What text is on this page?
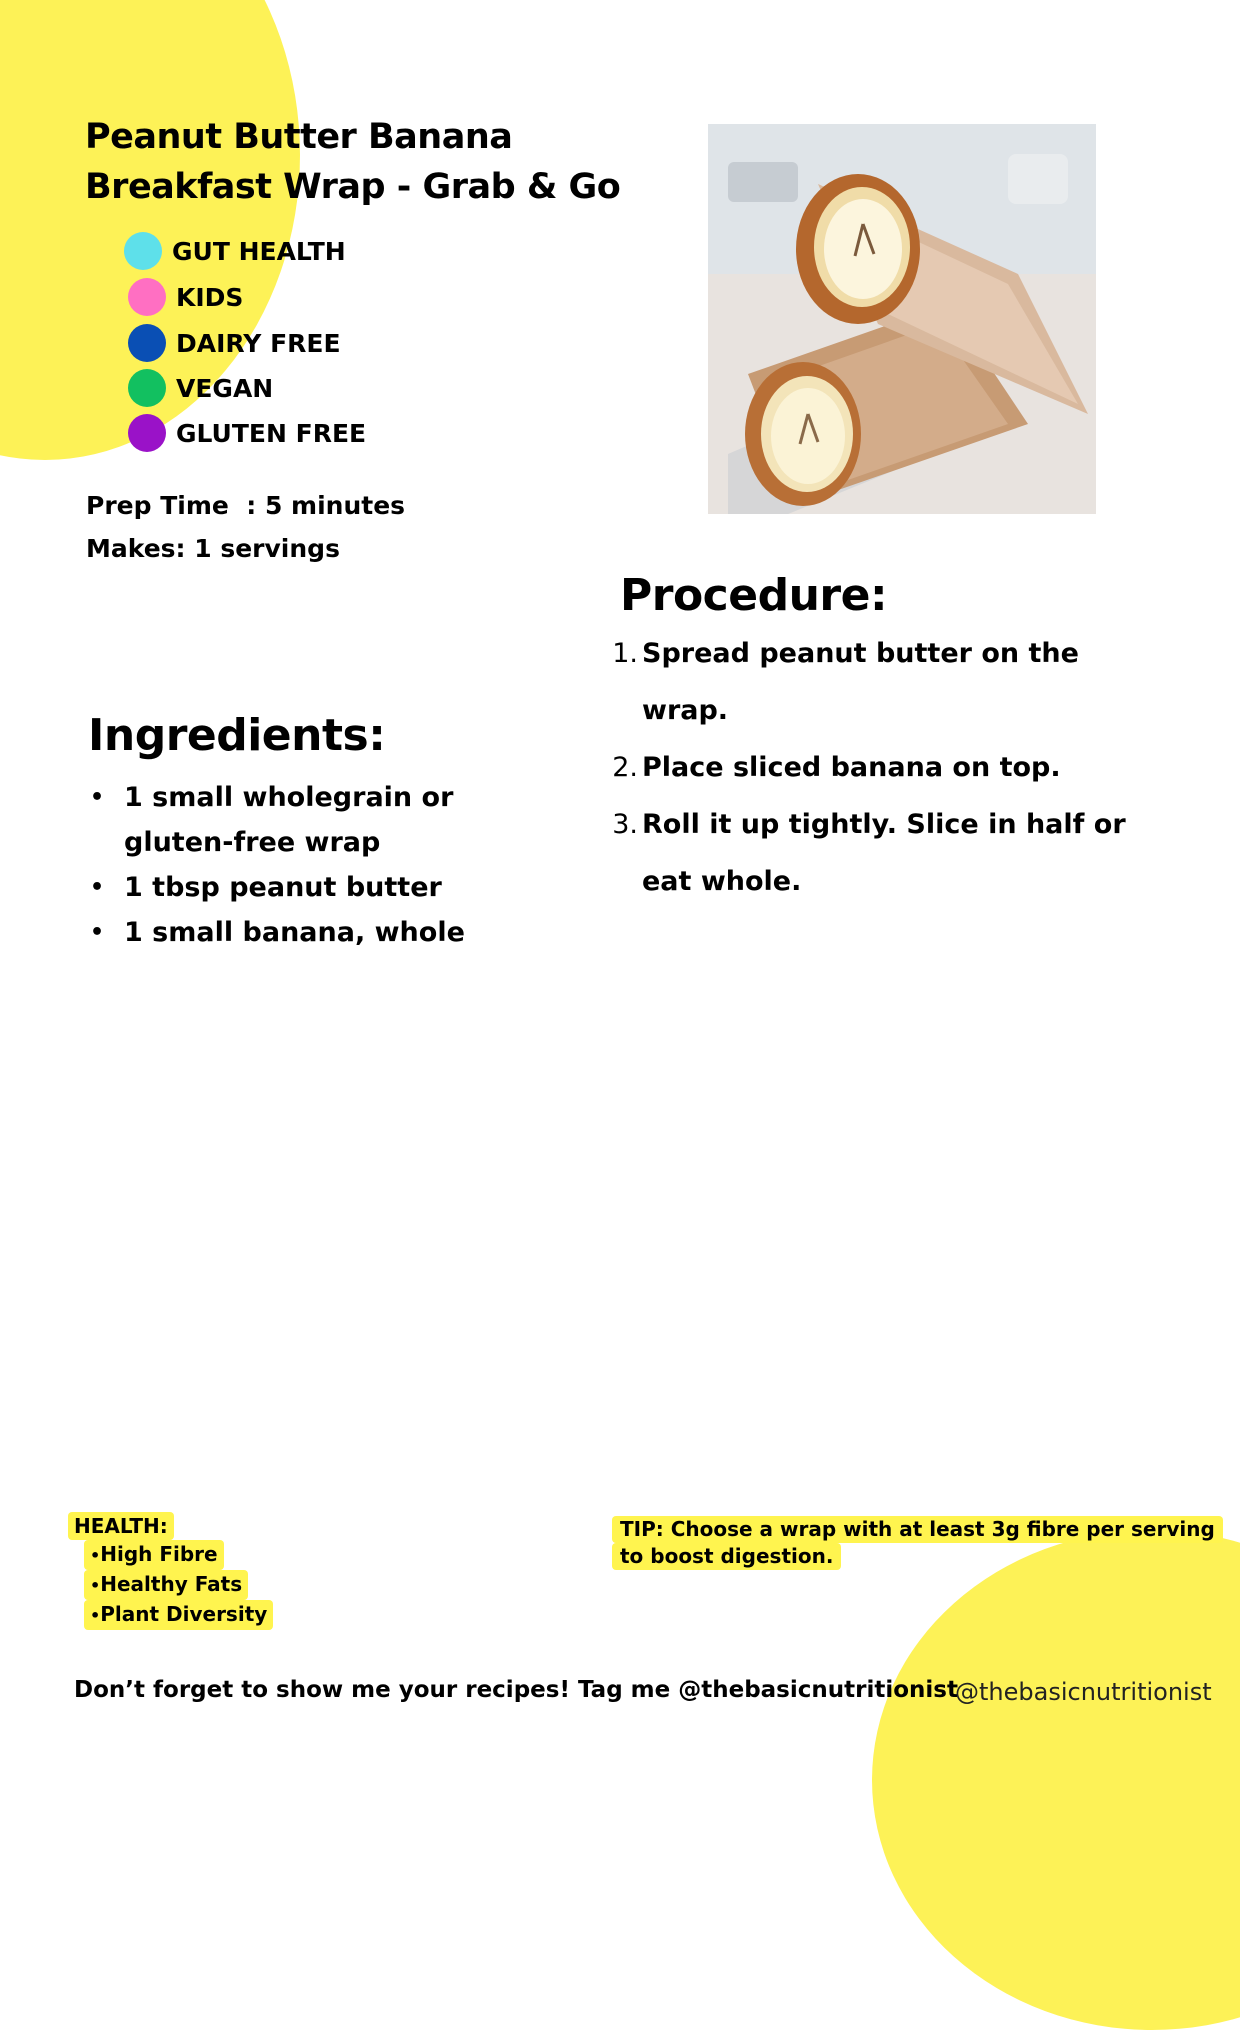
Peanut Butter Banana
Breakfast Wrap - Grab & Go
GUT HEALTH
KIDS
DAIRY FREE
VEGAN
GLUTEN FREE
Prep Time  : 5 minutes
Makes: 1 servings
Procedure:
1. Spread peanut butter on the wrap.
2. Place sliced banana on top.
3. Roll it up tightly. Slice in half or eat whole.
Ingredients:
• 1 small wholegrain or gluten-free wrap
• 1 tbsp peanut butter
• 1 small banana, whole
HEALTH:
•High Fibre
•Healthy Fats
•Plant Diversity
TIP: Choose a wrap with at least 3g fibre per serving
to boost digestion.
Don’t forget to show me your recipes! Tag me @thebasicnutritionist
@thebasicnutritionist
